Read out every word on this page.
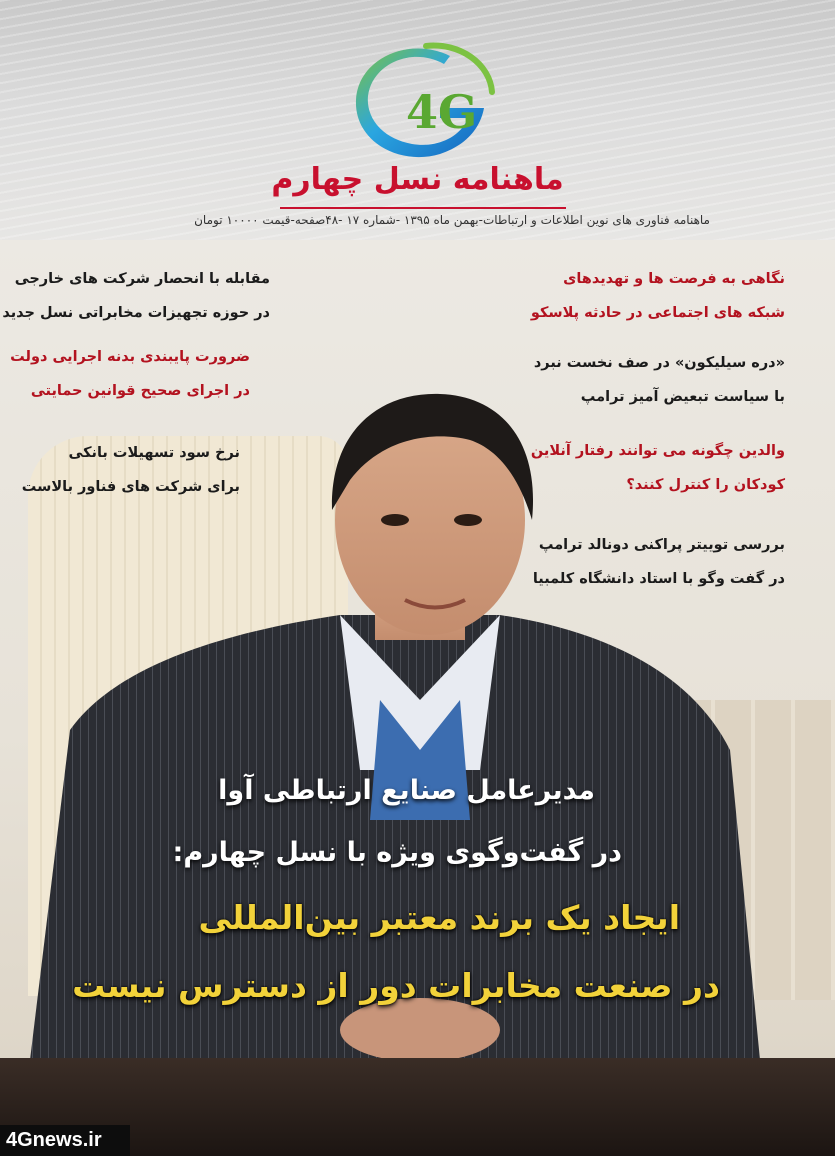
4G
ماهنامه نسل چهارم
ماهنامه فناوری های نوین اطلاعات و ارتباطات-بهمن ماه ۱۳۹۵ -شماره ۱۷ -۴۸صفحه-قیمت ۱۰۰۰۰ تومان
نگاهی به فرصت ها و تهدیدهای
شبکه های اجتماعی در حادثه پلاسکو
«دره سیلیکون» در صف نخست نبرد
با سیاست تبعیض آمیز ترامپ
والدین چگونه می توانند رفتار آنلاین
کودکان را کنترل کنند؟
بررسی توییتر پراکنی دونالد ترامپ
در گفت وگو با استاد دانشگاه کلمبیا
مقابله با انحصار شرکت های خارجی
در حوزه تجهیزات مخابراتی نسل جدید
ضرورت پایبندی بدنه اجرایی دولت
در اجرای صحیح قوانین حمایتی
نرخ سود تسهیلات بانکی
برای شرکت های فناور بالاست
مدیرعامل صنایع ارتباطی آوا
در گفت‌وگوی ویژه با نسل چهارم:
ایجاد یک برند معتبر بین‌المللی
در صنعت مخابرات دور از دسترس نیست
4Gnews.ir
